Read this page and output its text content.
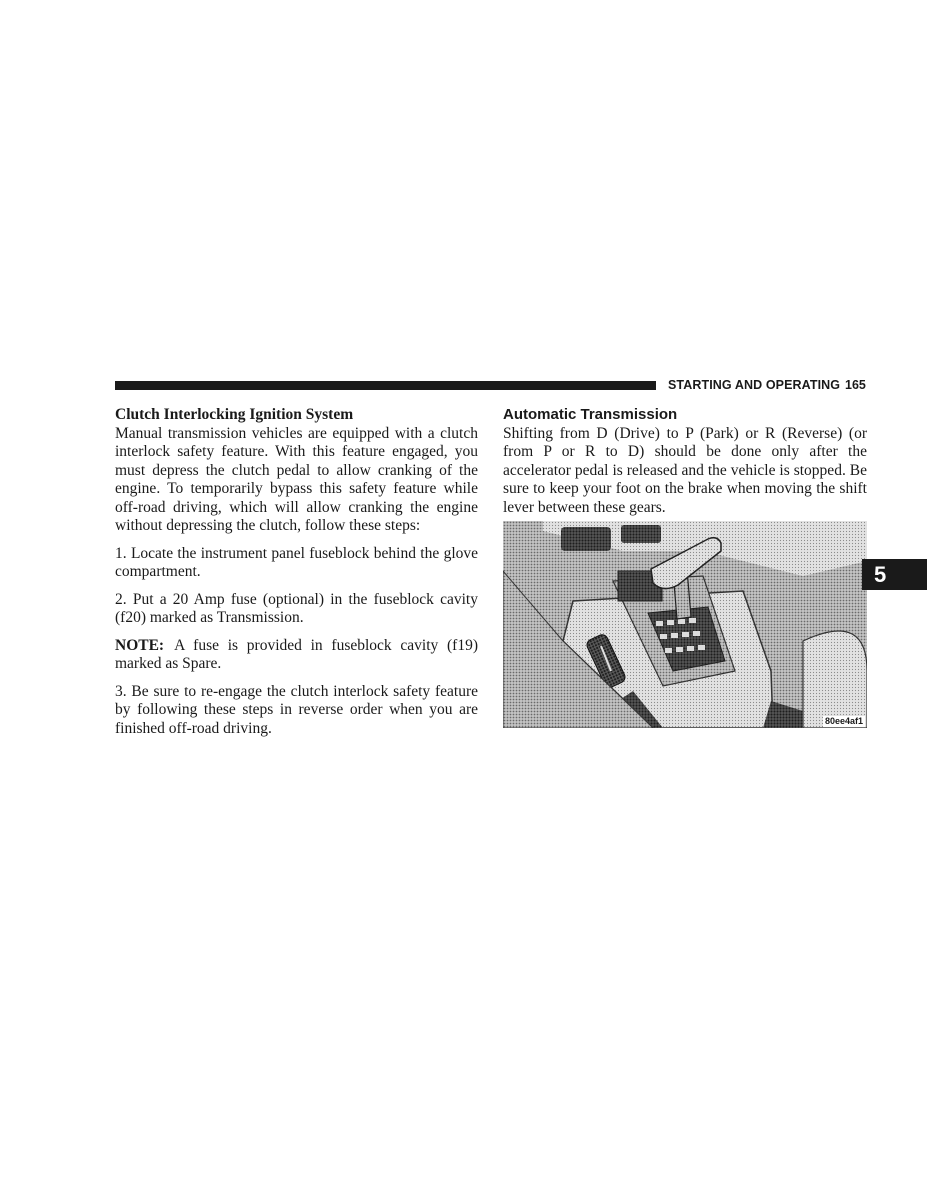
STARTING AND OPERATING 165
Clutch Interlocking Ignition System

Manual transmission vehicles are equipped with a clutch interlock safety feature. With this feature engaged, you must depress the clutch pedal to allow cranking of the engine. To temporarily bypass this safety feature while off-road driving, which will allow cranking the engine without depressing the clutch, follow these steps:

1. Locate the instrument panel fuseblock behind the glove compartment.

2. Put a 20 Amp fuse (optional) in the fuseblock cavity (f20) marked as Transmission.

NOTE: A fuse is provided in fuseblock cavity (f19) marked as Spare.

3. Be sure to re-engage the clutch interlock safety feature by following these steps in reverse order when you are finished off-road driving.

Automatic Transmission

Shifting from D (Drive) to P (Park) or R (Reverse) (or from P or R to D) should be done only after the accelerator pedal is released and the vehicle is stopped. Be sure to keep your foot on the brake when moving the shift lever between these gears.

80ee4af1
5
